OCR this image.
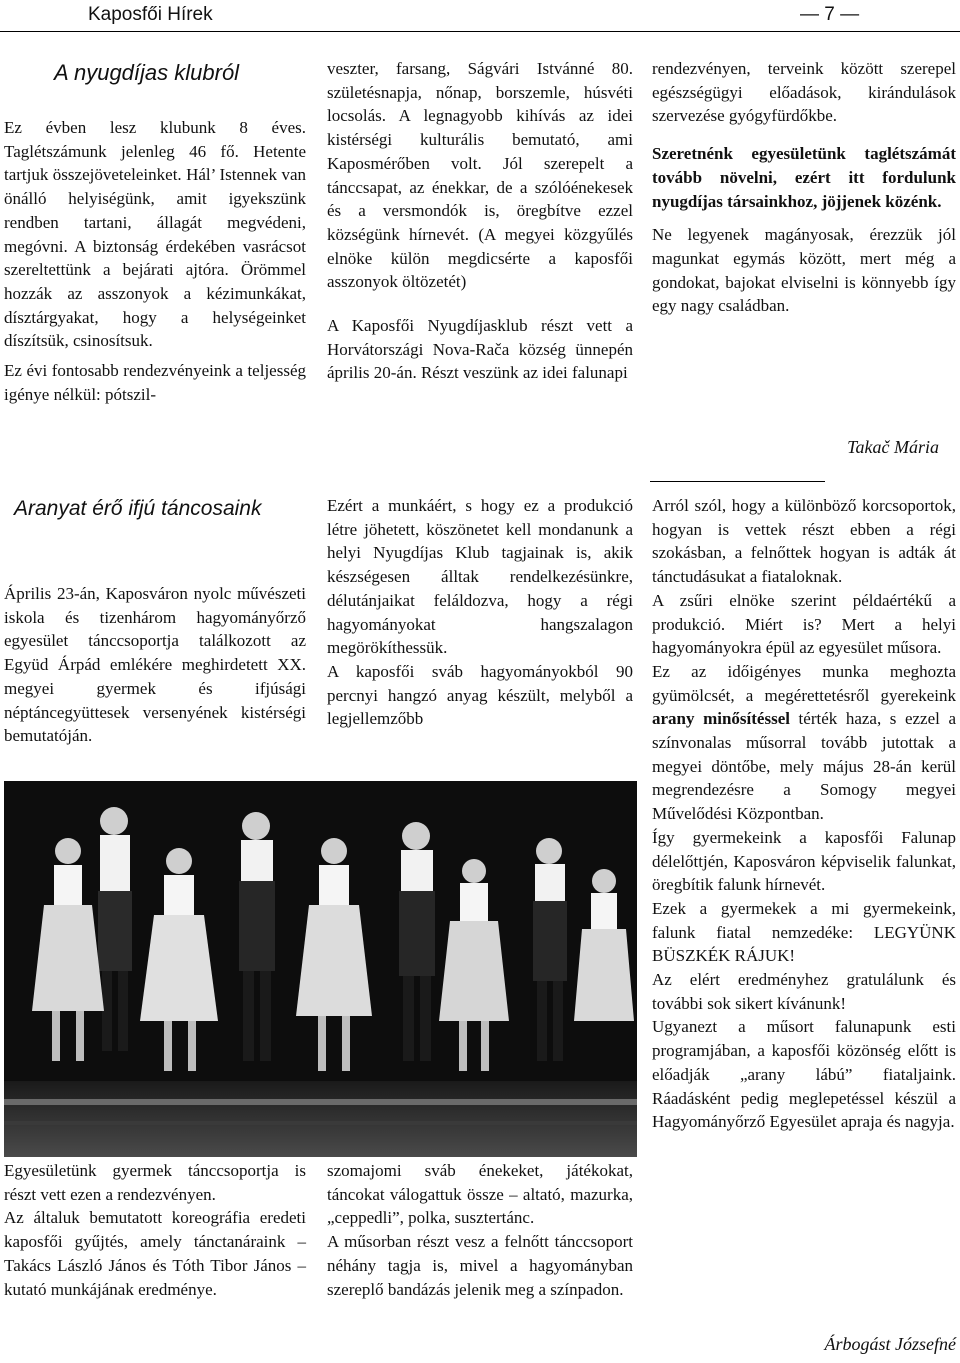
Kaposfői Hírek	— 7 —
A nyugdíjas klubról

Ez évben lesz klubunk 8 éves. Taglétszámunk jelenleg 46 fő. Hetente tartjuk összejöveteleinket. Hál’ Istennek van önálló helyiségünk, amit igyekszünk rendben tartani, állagát megvédeni, megóvni. A biztonság érdekében vasrácsot szereltettünk a bejárati ajtóra. Örömmel hozzák az asszonyok a kézimunkákat, dísztárgyakat, hogy a helységeinket díszítsük, csinosítsuk.

Ez évi fontosabb rendezvényeink a teljesség igénye nélkül: pótszil-

veszter, farsang, Ságvári Istvánné 80. születésnapja, nőnap, borszemle, húsvéti locsolás. A legnagyobb kihívás az idei kistérségi kulturális bemutató, ami Kaposmérőben volt. Jól szerepelt a tánccsapat, az énekkar, de a szólóénekesek és a versmondók is, öregbítve ezzel községünk hírnevét. (A megyei közgyűlés elnöke külön megdicsérte a kaposfői asszonyok öltözetét)

A Kaposfői Nyugdíjasklub részt vett a Horvátországi Nova-Rača község ünnepén április 20-án. Részt veszünk az idei falunapi

rendezvényen, terveink között szerepel egészségügyi előadások, kirándulások szervezése gyógyfürdőkbe.

Szeretnénk egyesületünk taglétszámát tovább növelni, ezért itt fordulunk nyugdíjas társainkhoz, jöjjenek közénk.

Ne legyenek magányosak, érezzük jól magunkat egymás között, mert még a gondokat, bajokat elviselni is könnyebb így egy nagy családban.

Takač Mária
Aranyat érő ifjú táncosaink

Április 23-án, Kaposváron nyolc művészeti iskola és tizenhárom hagyományőrző egyesület tánccsoportja találkozott az Együd Árpád emlékére meghirdetett XX. megyei gyermek és ifjúsági néptáncegyüttesek versenyének kistérségi bemutatóján.

Ezért a munkáért, s hogy ez a produkció létre jöhetett, köszönetet kell mondanunk a helyi Nyugdíjas Klub tagjainak is, akik készségesen álltak rendelkezésünkre, délutánjaikat feláldozva, hogy a régi hagyományokat hangszalagon megörökíthessük.

A kaposfői sváb hagyományokból 90 percnyi hangzó anyag készült, melyből a legjellemzőbb

Egyesületünk gyermek tánccsoportja is részt vett ezen a rendezvényen.

Az általuk bemutatott koreográfia eredeti kaposfői gyűjtés, amely tánctanáraink – Takács László János és Tóth Tibor János – kutató munkájának eredménye.

szomajomi sváb énekeket, játékokat, táncokat válogattuk össze – altató, mazurka, „ceppedli”, polka, susztertánc.

A műsorban részt vesz a felnőtt tánccsoport néhány tagja is, mivel a hagyományban szereplő bandázás jelenik meg a színpadon.

Arról szól, hogy a különböző korcsoportok, hogyan is vettek részt ebben a régi szokásban, a felnőttek hogyan is adták át tánctudásukat a fiataloknak.

A zsűri elnöke szerint példaértékű a produkció. Miért is? Mert a helyi hagyományokra épül az egyesület műsora.

Ez az időigényes munka meghozta gyümölcsét, a megérettetésről gyerekeink arany minősítéssel térték haza, s ezzel a színvonalas műsorral tovább jutottak a megyei döntőbe, mely május 28-án kerül megrendezésre a Somogy megyei Művelődési Központban.

Így gyermekeink a kaposfői Falunap délelőttjén, Kaposváron képviselik falunkat, öregbítik falunk hírnevét.

Ezek a gyermekek a mi gyermekeink, falunk fiatal nemzedéke: LEGYÜNK BÜSZKÉK RÁJUK!

Az elért eredményhez gratulálunk és további sok sikert kívánunk!

Ugyanezt a műsort falunapunk esti programjában, a kaposfői közönség előtt is előadják „arany lábú” fiataljaink. Ráadásként pedig meglepetéssel készül a Hagyományőrző Egyesület apraja és nagyja.

Árbogást Józsefné
